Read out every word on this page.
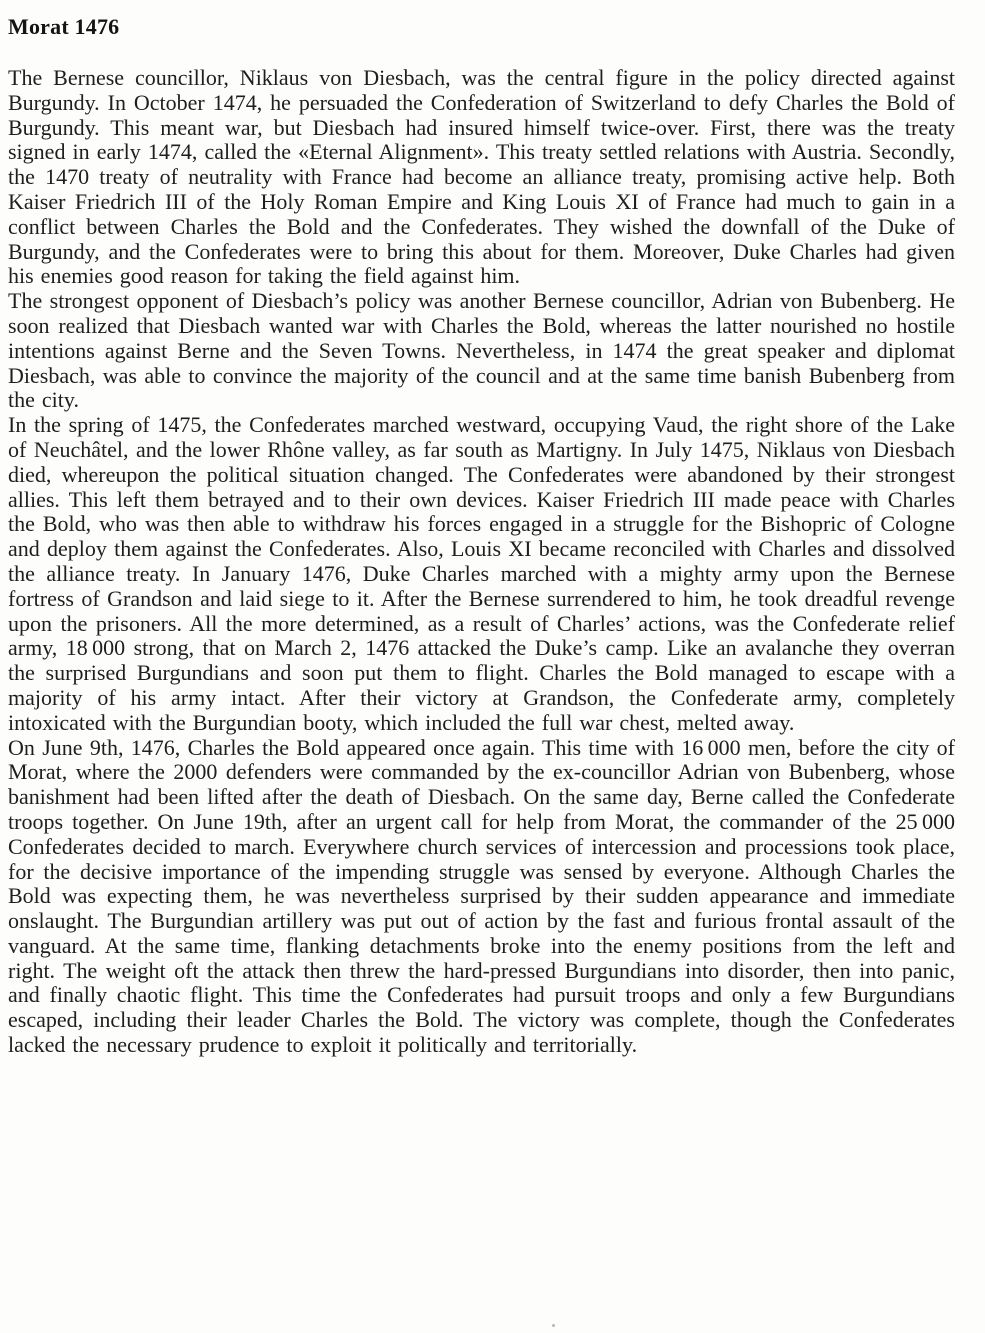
Morat 1476

The Bernese councillor, Niklaus von Diesbach, was the central figure in the policy directed against Burgundy. In October 1474, he persuaded the Confederation of Switzerland to defy Charles the Bold of Burgundy. This meant war, but Diesbach had insured himself twice-over. First, there was the treaty signed in early 1474, called the «Eternal Alignment». This treaty settled relations with Austria. Secondly, the 1470 treaty of neutrality with France had become an alliance treaty, promising active help. Both Kaiser Friedrich III of the Holy Roman Empire and King Louis XI of France had much to gain in a conflict between Charles the Bold and the Confederates. They wished the downfall of the Duke of Burgundy, and the Confederates were to bring this about for them. Moreover, Duke Charles had given his enemies good reason for taking the field against him.

The strongest opponent of Diesbach’s policy was another Bernese councillor, Adrian von Bubenberg. He soon realized that Diesbach wanted war with Charles the Bold, whereas the latter nourished no hostile intentions against Berne and the Seven Towns. Nevertheless, in 1474 the great speaker and diplomat Diesbach, was able to convince the majority of the council and at the same time banish Bubenberg from the city.

In the spring of 1475, the Confederates marched westward, occupying Vaud, the right shore of the Lake of Neuchâtel, and the lower Rhône valley, as far south as Martigny. In July 1475, Niklaus von Diesbach died, whereupon the political situation changed. The Confederates were abandoned by their strongest allies. This left them betrayed and to their own devices. Kaiser Friedrich III made peace with Charles the Bold, who was then able to withdraw his forces engaged in a struggle for the Bishopric of Cologne and deploy them against the Confederates. Also, Louis XI became reconciled with Charles and dissolved the alliance treaty. In January 1476, Duke Charles marched with a mighty army upon the Bernese fortress of Grandson and laid siege to it. After the Bernese surrendered to him, he took dreadful revenge upon the prisoners. All the more determined, as a result of Charles’ actions, was the Confederate relief army, 18 000 strong, that on March 2, 1476 attacked the Duke’s camp. Like an avalanche they overran the surprised Burgundians and soon put them to flight. Charles the Bold managed to escape with a majority of his army intact. After their victory at Grandson, the Confederate army, completely intoxicated with the Burgundian booty, which included the full war chest, melted away.

On June 9th, 1476, Charles the Bold appeared once again. This time with 16 000 men, before the city of Morat, where the 2000 defenders were commanded by the ex-councillor Adrian von Bubenberg, whose banishment had been lifted after the death of Diesbach. On the same day, Berne called the Confederate troops together. On June 19th, after an urgent call for help from Morat, the commander of the 25 000 Confederates decided to march. Everywhere church services of intercession and processions took place, for the decisive importance of the impending struggle was sensed by everyone. Although Charles the Bold was expecting them, he was nevertheless surprised by their sudden appearance and immediate onslaught. The Burgundian artillery was put out of action by the fast and furious frontal assault of the vanguard. At the same time, flanking detachments broke into the enemy positions from the left and right. The weight oft the attack then threw the hard-pressed Burgundians into disorder, then into panic, and finally chaotic flight. This time the Confederates had pursuit troops and only a few Burgundians escaped, including their leader Charles the Bold. The victory was complete, though the Confederates lacked the necessary prudence to exploit it politically and territorially.
